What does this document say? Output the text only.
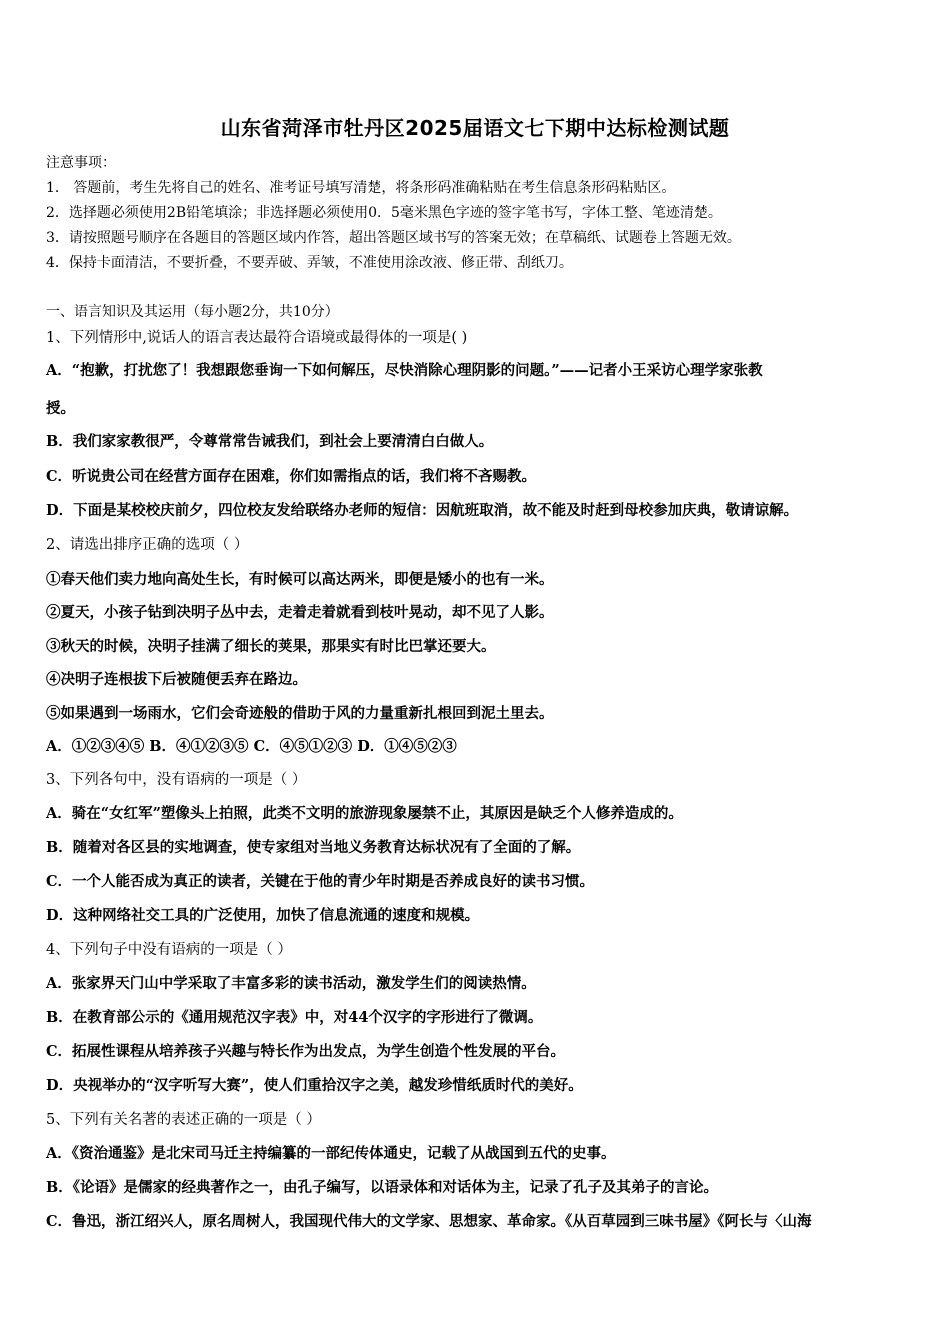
山东省菏泽市牡丹区2025届语文七下期中达标检测试题
注意事项：
1． 答题前，考生先将自己的姓名、准考证号填写清楚，将条形码准确粘贴在考生信息条形码粘贴区。
2．选择题必须使用2B铅笔填涂；非选择题必须使用0．5毫米黑色字迹的签字笔书写，字体工整、笔迹清楚。
3．请按照题号顺序在各题目的答题区域内作答，超出答题区域书写的答案无效；在草稿纸、试题卷上答题无效。
4．保持卡面清洁，不要折叠，不要弄破、弄皱，不准使用涂改液、修正带、刮纸刀。
一、语言知识及其运用（每小题2分，共10分）
1、下列情形中,说话人的语言表达最符合语境或最得体的一项是( )
A．“抱歉，打扰您了！我想跟您垂询一下如何解压，尽快消除心理阴影的问题。”——记者小王采访心理学家张教
授。
B．我们家家教很严，令尊常常告诫我们，到社会上要清清白白做人。
C．听说贵公司在经营方面存在困难，你们如需指点的话，我们将不吝赐教。
D．下面是某校校庆前夕，四位校友发给联络办老师的短信：因航班取消，故不能及时赶到母校参加庆典，敬请谅解。
2、请选出排序正确的选项（ ）
①春天他们卖力地向高处生长，有时候可以高达两米，即便是矮小的也有一米。
②夏天，小孩子钻到决明子丛中去，走着走着就看到枝叶晃动，却不见了人影。
③秋天的时候，决明子挂满了细长的荚果，那果实有时比巴掌还要大。
④决明子连根拔下后被随便丢弃在路边。
⑤如果遇到一场雨水，它们会奇迹般的借助于风的力量重新扎根回到泥土里去。
A．①②③④⑤ B．④①②③⑤ C．④⑤①②③ D．①④⑤②③
3、下列各句中，没有语病的一项是（ ）
A．骑在“女红军”塑像头上拍照，此类不文明的旅游现象屡禁不止，其原因是缺乏个人修养造成的。
B．随着对各区县的实地调查，使专家组对当地义务教育达标状况有了全面的了解。
C．一个人能否成为真正的读者，关键在于他的青少年时期是否养成良好的读书习惯。
D．这种网络社交工具的广泛使用，加快了信息流通的速度和规模。
4、下列句子中没有语病的一项是（ ）
A．张家界天门山中学采取了丰富多彩的读书活动，激发学生们的阅读热情。
B．在教育部公示的《通用规范汉字表》中，对44个汉字的字形进行了微调。
C．拓展性课程从培养孩子兴趣与特长作为出发点，为学生创造个性发展的平台。
D．央视举办的“汉字听写大赛”，使人们重拾汉字之美，越发珍惜纸质时代的美好。
5、下列有关名著的表述正确的一项是（ ）
A．《资治通鉴》是北宋司马迁主持编纂的一部纪传体通史，记载了从战国到五代的史事。
B．《论语》是儒家的经典著作之一，由孔子编写，以语录体和对话体为主，记录了孔子及其弟子的言论。
C．鲁迅，浙江绍兴人，原名周树人，我国现代伟大的文学家、思想家、革命家。《从百草园到三味书屋》《阿长与〈山海
